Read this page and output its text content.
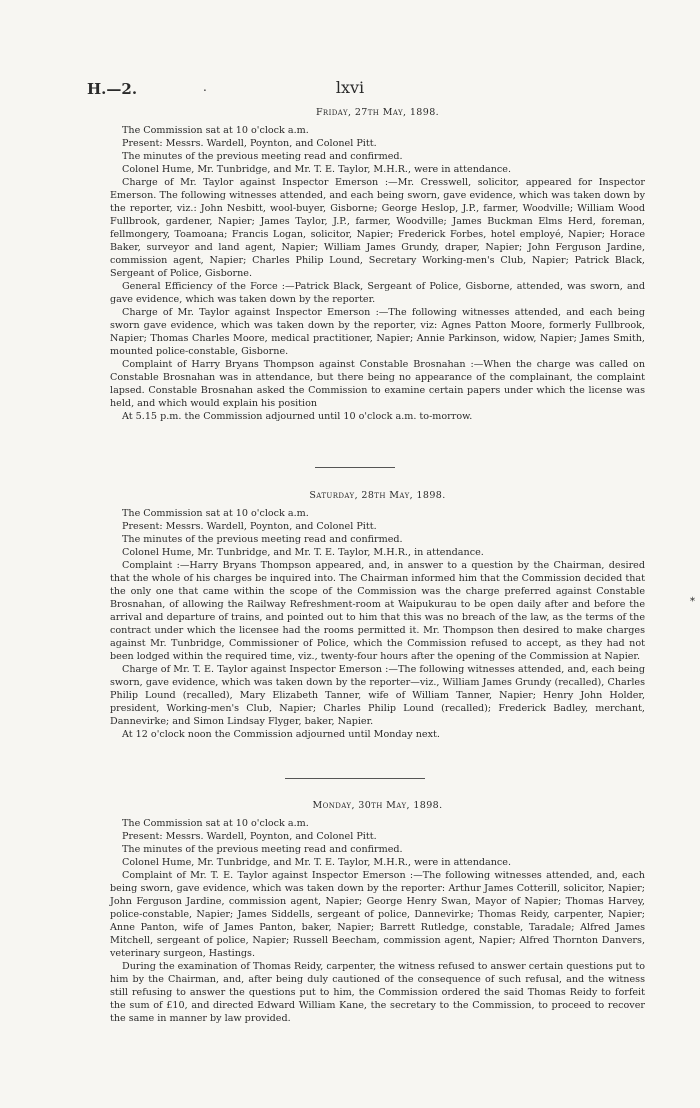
H.—2.	.	lxvi
⁎
Friday, 27th May, 1898.

The Commission sat at 10 o'clock a.m.

Present: Messrs. Wardell, Poynton, and Colonel Pitt.

The minutes of the previous meeting read and confirmed.

Colonel Hume, Mr. Tunbridge, and Mr. T. E. Taylor, M.H.R., were in attendance.

Charge of Mr. Taylor against Inspector Emerson :—Mr. Cresswell, solicitor, appeared for Inspector Emerson. The following witnesses attended, and each being sworn, gave evidence, which was taken down by the reporter, viz.: John Nesbitt, wool-buyer, Gisborne; George Heslop, J.P., farmer, Woodville; William Wood Fullbrook, gardener, Napier; James Taylor, J.P., farmer, Woodville; James Buckman Elms Herd, foreman, fellmongery, Toamoana; Francis Logan, solicitor, Napier; Frederick Forbes, hotel employé, Napier; Horace Baker, surveyor and land agent, Napier; William James Grundy, draper, Napier; John Ferguson Jardine, commission agent, Napier; Charles Philip Lound, Secretary Working-men's Club, Napier; Patrick Black, Sergeant of Police, Gisborne.

General Efficiency of the Force :—Patrick Black, Sergeant of Police, Gisborne, attended, was sworn, and gave evidence, which was taken down by the reporter.

Charge of Mr. Taylor against Inspector Emerson :—The following witnesses attended, and each being sworn gave evidence, which was taken down by the reporter, viz: Agnes Patton Moore, formerly Fullbrook, Napier; Thomas Charles Moore, medical practitioner, Napier; Annie Parkinson, widow, Napier; James Smith, mounted police-constable, Gisborne.

Complaint of Harry Bryans Thompson against Constable Brosnahan :—When the charge was called on Constable Brosnahan was in attendance, but there being no appearance of the complainant, the complaint lapsed. Constable Brosnahan asked the Commission to examine certain papers under which the license was held, and which would explain his position

At 5.15 p.m. the Commission adjourned until 10 o'clock a.m. to-morrow.

Saturday, 28th May, 1898.

The Commission sat at 10 o'clock a.m.

Present: Messrs. Wardell, Poynton, and Colonel Pitt.

The minutes of the previous meeting read and confirmed.

Colonel Hume, Mr. Tunbridge, and Mr. T. E. Taylor, M.H.R., in attendance.

Complaint :—Harry Bryans Thompson appeared, and, in answer to a question by the Chairman, desired that the whole of his charges be inquired into. The Chairman informed him that the Commission decided that the only one that came within the scope of the Commission was the charge preferred against Constable Brosnahan, of allowing the Railway Refreshment-room at Waipukurau to be open daily after and before the arrival and departure of trains, and pointed out to him that this was no breach of the law, as the terms of the contract under which the licensee had the rooms permitted it. Mr. Thompson then desired to make charges against Mr. Tunbridge, Commissioner of Police, which the Commission refused to accept, as they had not been lodged within the required time, viz., twenty-four hours after the opening of the Commission at Napier.

Charge of Mr. T. E. Taylor against Inspector Emerson :—The following witnesses attended, and, each being sworn, gave evidence, which was taken down by the reporter—viz., William James Grundy (recalled), Charles Philip Lound (recalled), Mary Elizabeth Tanner, wife of William Tanner, Napier; Henry John Holder, president, Working-men's Club, Napier; Charles Philip Lound (recalled); Frederick Badley, merchant, Dannevirke; and Simon Lindsay Flyger, baker, Napier.

At 12 o'clock noon the Commission adjourned until Monday next.

Monday, 30th May, 1898.

The Commission sat at 10 o'clock a.m.

Present: Messrs. Wardell, Poynton, and Colonel Pitt.

The minutes of the previous meeting read and confirmed.

Colonel Hume, Mr. Tunbridge, and Mr. T. E. Taylor, M.H.R., were in attendance.

Complaint of Mr. T. E. Taylor against Inspector Emerson :—The following witnesses attended, and, each being sworn, gave evidence, which was taken down by the reporter: Arthur James Cotterill, solicitor, Napier; John Ferguson Jardine, commission agent, Napier; George Henry Swan, Mayor of Napier; Thomas Harvey, police-constable, Napier; James Siddells, sergeant of police, Dannevirke; Thomas Reidy, carpenter, Napier; Anne Panton, wife of James Panton, baker, Napier; Barrett Rutledge, constable, Taradale; Alfred James Mitchell, sergeant of police, Napier; Russell Beecham, commission agent, Napier; Alfred Thornton Danvers, veterinary surgeon, Hastings.

During the examination of Thomas Reidy, carpenter, the witness refused to answer certain questions put to him by the Chairman, and, after being duly cautioned of the consequence of such refusal, and the witness still refusing to answer the questions put to him, the Commission ordered the said Thomas Reidy to forfeit the sum of £10, and directed Edward William Kane, the secretary to the Commission, to proceed to recover the same in manner by law provided.
